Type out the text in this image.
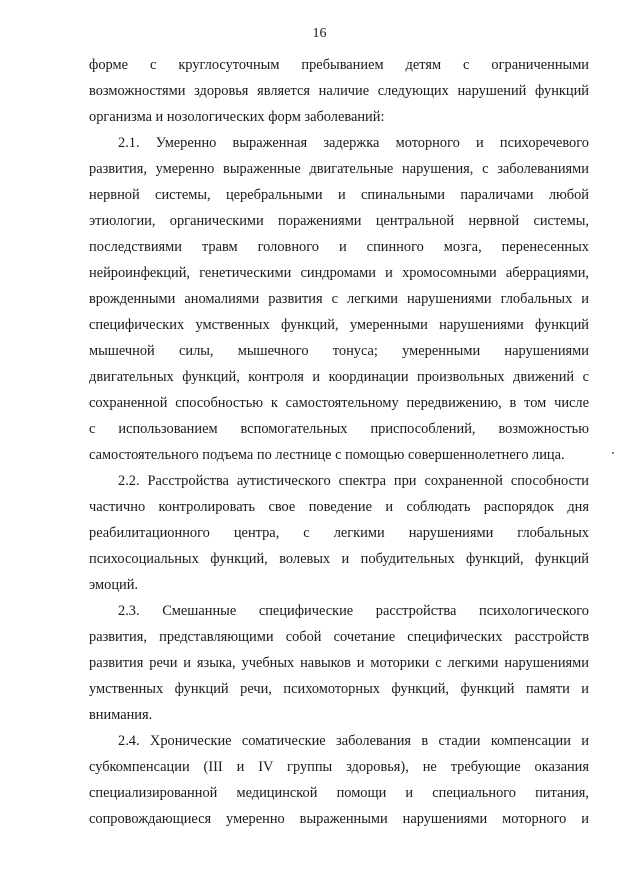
16
форме с круглосуточным пребыванием детям с ограниченными
возможностями здоровья является наличие следующих нарушений функций
организма и нозологических форм заболеваний:
2.1. Умеренно выраженная задержка моторного и психоречевого
развития, умеренно выраженные двигательные нарушения, с заболеваниями
нервной системы, церебральными и спинальными параличами любой
этиологии, органическими поражениями центральной нервной системы,
последствиями травм головного и спинного мозга, перенесенных
нейроинфекций, генетическими синдромами и хромосомными аберрациями,
врожденными аномалиями развития с легкими нарушениями глобальных и
специфических умственных функций, умеренными нарушениями функций
мышечной силы, мышечного тонуса; умеренными нарушениями
двигательных функций, контроля и координации произвольных движений с
сохраненной способностью к самостоятельному передвижению, в том числе
с использованием вспомогательных приспособлений, возможностью
самостоятельного подъема по лестнице с помощью совершеннолетнего лица.
2.2. Расстройства аутистического спектра при сохраненной способности
частично контролировать свое поведение и соблюдать распорядок дня
реабилитационного центра, с легкими нарушениями глобальных
психосоциальных функций, волевых и побудительных функций, функций
эмоций.
2.3. Смешанные специфические расстройства психологического
развития, представляющими собой сочетание специфических расстройств
развития речи и языка, учебных навыков и моторики с легкими нарушениями
умственных функций речи, психомоторных функций, функций памяти и
внимания.
2.4. Хронические соматические заболевания в стадии компенсации и
субкомпенсации (III и IV группы здоровья), не требующие оказания
специализированной медицинской помощи и специального питания,
сопровождающиеся умеренно выраженными нарушениями моторного и
